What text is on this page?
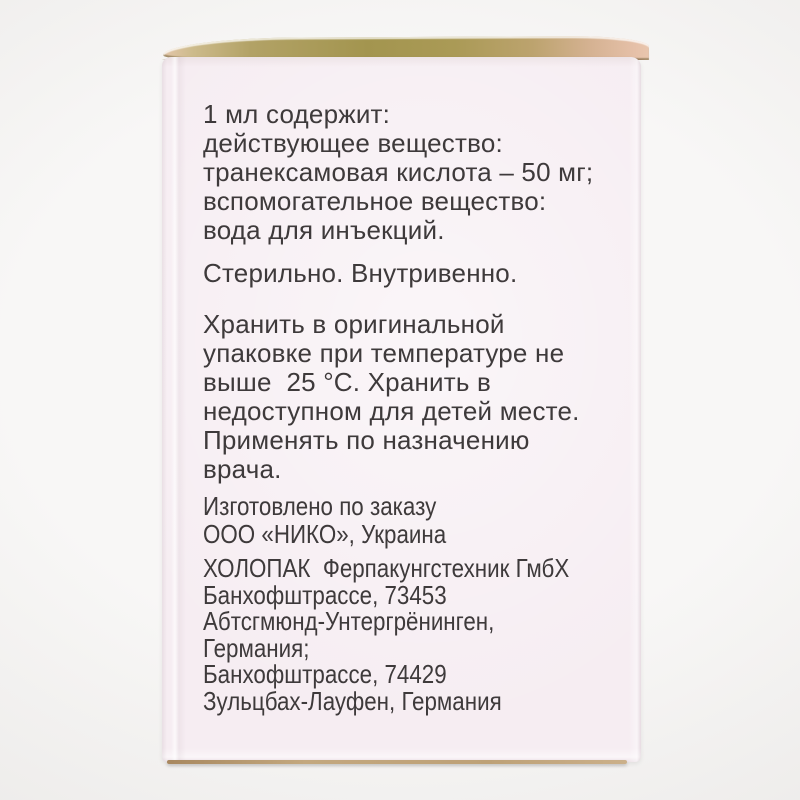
1 мл содержит:
действующее вещество:
транексамовая кислота – 50 мг;
вспомогательное вещество:
вода для инъекций.
Стерильно. Внутривенно.
Хранить в оригинальной
упаковке при температуре не
выше  25 °С. Хранить в
недоступном для детей месте.
Применять по назначению
врача.
Изготовлено по заказу
ООО «НИКО», Украина
ХОЛОПАК  Ферпакунгстехник ГмбХ
Банхофштрассе, 73453
Абтсгмюнд-Унтергрёнинген,
Германия;
Банхофштрассе, 74429
Зульцбах-Лауфен, Германия
